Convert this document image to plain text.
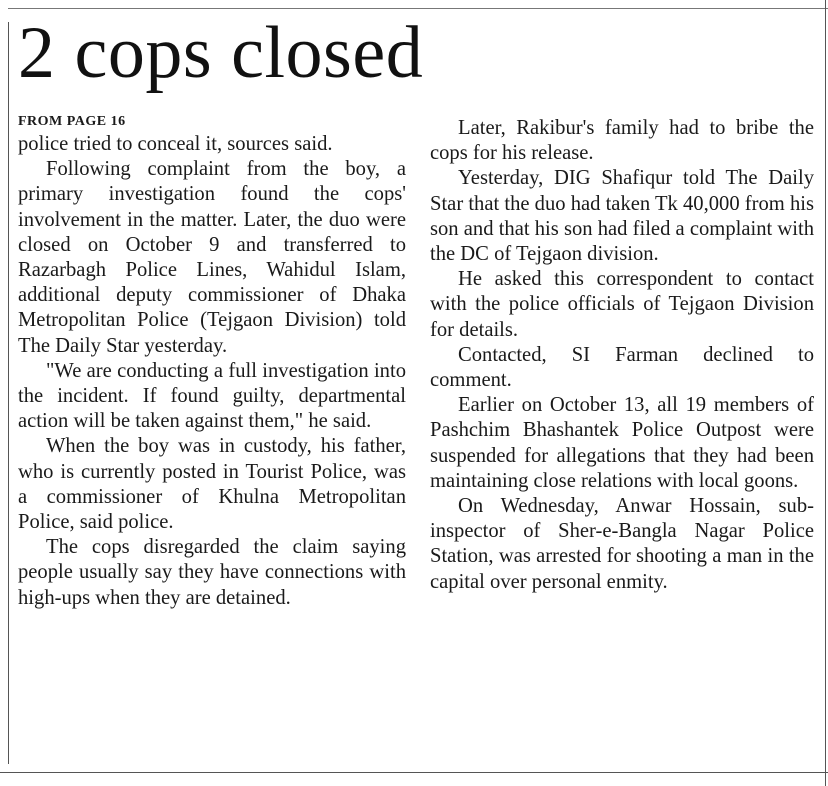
2 cops closed
FROM PAGE 16

police tried to conceal it, sources said.

Following complaint from the boy, a primary investigation found the cops' involvement in the matter. Later, the duo were closed on October 9 and transferred to Razarbagh Police Lines, Wahidul Islam, additional deputy commissioner of Dhaka Metropolitan Police (Tejgaon Division) told The Daily Star yesterday.

"We are conducting a full investigation into the incident. If found guilty, departmental action will be taken against them," he said.

When the boy was in custody, his father, who is currently posted in Tourist Police, was a commissioner of Khulna Metropolitan Police, said police.

The cops disregarded the claim saying people usually say they have connections with high-ups when they are detained.

Later, Rakibur's family had to bribe the cops for his release.

Yesterday, DIG Shafiqur told The Daily Star that the duo had taken Tk 40,000 from his son and that his son had filed a complaint with the DC of Tejgaon division.

He asked this correspondent to contact with the police officials of Tejgaon Division for details.

Contacted, SI Farman declined to comment.

Earlier on October 13, all 19 members of Pashchim Bhashantek Police Outpost were suspended for allegations that they had been maintaining close relations with local goons.

On Wednesday, Anwar Hossain, sub-inspector of Sher-e-Bangla Nagar Police Station, was arrested for shooting a man in the capital over personal enmity.
